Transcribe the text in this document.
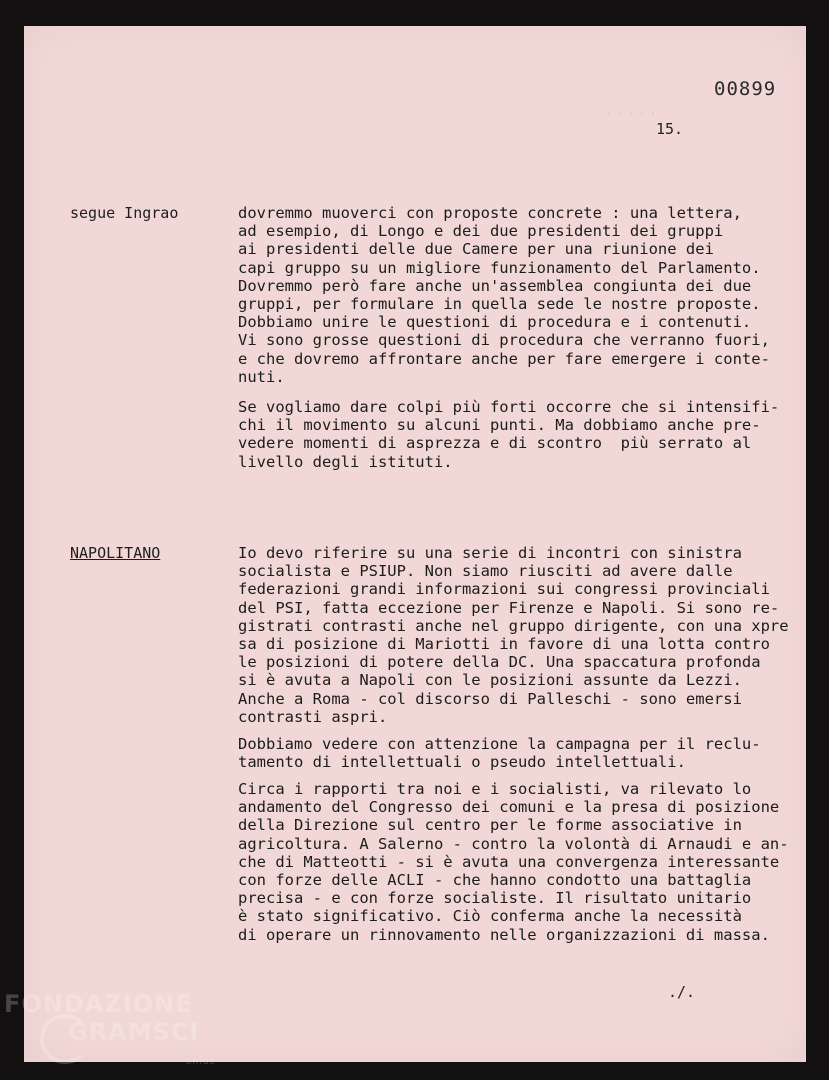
·····
00899
15.
segue Ingrao	dovremmo muoverci con proposte concrete : una lettera,
ad esempio, di Longo e dei due presidenti dei gruppi
ai presidenti delle due Camere per una riunione dei
capi gruppo su un migliore funzionamento del Parlamento.
Dovremmo però fare anche un'assemblea congiunta dei due
gruppi, per formulare in quella sede le nostre proposte.
Dobbiamo unire le questioni di procedura e i contenuti.
Vi sono grosse questioni di procedura che verranno fuori,
e che dovremo affrontare anche per fare emergere i conte-
nuti.
Se vogliamo dare colpi più forti occorre che si intensifi-
chi il movimento su alcuni punti. Ma dobbiamo anche pre-
vedere momenti di asprezza e di scontro  più serrato al
livello degli istituti.
NAPOLITANO	Io devo riferire su una serie di incontri con sinistra
socialista e PSIUP. Non siamo riusciti ad avere dalle
federazioni grandi informazioni sui congressi provinciali
del PSI, fatta eccezione per Firenze e Napoli. Si sono re-
gistrati contrasti anche nel gruppo dirigente, con una xpre
sa di posizione di Mariotti in favore di una lotta contro
le posizioni di potere della DC. Una spaccatura profonda
si è avuta a Napoli con le posizioni assunte da Lezzi.
Anche a Roma - col discorso di Palleschi - sono emersi
contrasti aspri.
Dobbiamo vedere con attenzione la campagna per il reclu-
tamento di intellettuali o pseudo intellettuali.
Circa i rapporti tra noi e i socialisti, va rilevato lo
andamento del Congresso dei comuni e la presa di posizione
della Direzione sul centro per le forme associative in
agricoltura. A Salerno - contro la volontà di Arnaudi e an-
che di Matteotti - si è avuta una convergenza interessante
con forze delle ACLI - che hanno condotto una battaglia
precisa - e con forze socialiste. Il risultato unitario
è stato significativo. Ciò conferma anche la necessità
di operare un rinnovamento nelle organizzazioni di massa.
./.
FONDAZIONE
GRAMSCI
onlus
